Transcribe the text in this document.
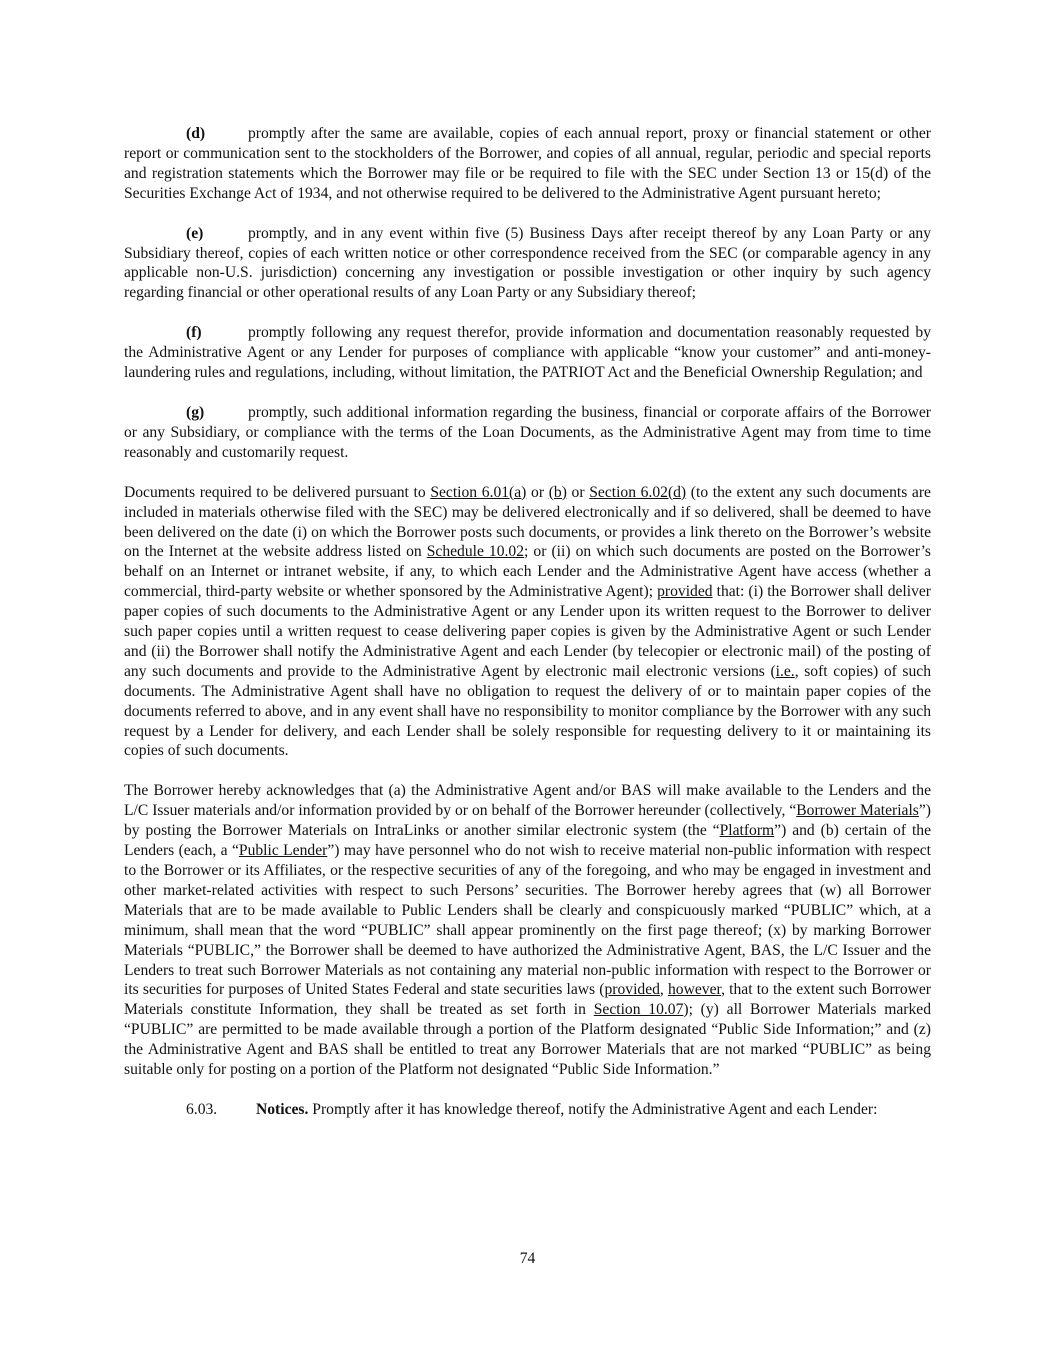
(d)	promptly after the same are available, copies of each annual report, proxy or financial statement or other report or communication sent to the stockholders of the Borrower, and copies of all annual, regular, periodic and special reports and registration statements which the Borrower may file or be required to file with the SEC under Section 13 or 15(d) of the Securities Exchange Act of 1934, and not otherwise required to be delivered to the Administrative Agent pursuant hereto;

(e)	promptly, and in any event within five (5) Business Days after receipt thereof by any Loan Party or any Subsidiary thereof, copies of each written notice or other correspondence received from the SEC (or comparable agency in any applicable non-U.S. jurisdiction) concerning any investigation or possible investigation or other inquiry by such agency regarding financial or other operational results of any Loan Party or any Subsidiary thereof;

(f)	promptly following any request therefor, provide information and documentation reasonably requested by the Administrative Agent or any Lender for purposes of compliance with applicable “know your customer” and anti-money-laundering rules and regulations, including, without limitation, the PATRIOT Act and the Beneficial Ownership Regulation; and

(g)	promptly, such additional information regarding the business, financial or corporate affairs of the Borrower or any Subsidiary, or compliance with the terms of the Loan Documents, as the Administrative Agent may from time to time reasonably and customarily request.

Documents required to be delivered pursuant to Section 6.01(a) or (b) or Section 6.02(d) (to the extent any such documents are included in materials otherwise filed with the SEC) may be delivered electronically and if so delivered, shall be deemed to have been delivered on the date (i) on which the Borrower posts such documents, or provides a link thereto on the Borrower’s website on the Internet at the website address listed on Schedule 10.02; or (ii) on which such documents are posted on the Borrower’s behalf on an Internet or intranet website, if any, to which each Lender and the Administrative Agent have access (whether a commercial, third-party website or whether sponsored by the Administrative Agent); provided that: (i) the Borrower shall deliver paper copies of such documents to the Administrative Agent or any Lender upon its written request to the Borrower to deliver such paper copies until a written request to cease delivering paper copies is given by the Administrative Agent or such Lender and (ii) the Borrower shall notify the Administrative Agent and each Lender (by telecopier or electronic mail) of the posting of any such documents and provide to the Administrative Agent by electronic mail electronic versions (i.e., soft copies) of such documents. The Administrative Agent shall have no obligation to request the delivery of or to maintain paper copies of the documents referred to above, and in any event shall have no responsibility to monitor compliance by the Borrower with any such request by a Lender for delivery, and each Lender shall be solely responsible for requesting delivery to it or maintaining its copies of such documents.

The Borrower hereby acknowledges that (a) the Administrative Agent and/or BAS will make available to the Lenders and the L/C Issuer materials and/or information provided by or on behalf of the Borrower hereunder (collectively, “Borrower Materials”) by posting the Borrower Materials on IntraLinks or another similar electronic system (the “Platform”) and (b) certain of the Lenders (each, a “Public Lender”) may have personnel who do not wish to receive material non-public information with respect to the Borrower or its Affiliates, or the respective securities of any of the foregoing, and who may be engaged in investment and other market-related activities with respect to such Persons’ securities. The Borrower hereby agrees that (w) all Borrower Materials that are to be made available to Public Lenders shall be clearly and conspicuously marked “PUBLIC” which, at a minimum, shall mean that the word “PUBLIC” shall appear prominently on the first page thereof; (x) by marking Borrower Materials “PUBLIC,” the Borrower shall be deemed to have authorized the Administrative Agent, BAS, the L/C Issuer and the Lenders to treat such Borrower Materials as not containing any material non-public information with respect to the Borrower or its securities for purposes of United States Federal and state securities laws (provided, however, that to the extent such Borrower Materials constitute Information, they shall be treated as set forth in Section 10.07); (y) all Borrower Materials marked “PUBLIC” are permitted to be made available through a portion of the Platform designated “Public Side Information;” and (z) the Administrative Agent and BAS shall be entitled to treat any Borrower Materials that are not marked “PUBLIC” as being suitable only for posting on a portion of the Platform not designated “Public Side Information.”

6.03. Notices. Promptly after it has knowledge thereof, notify the Administrative Agent and each Lender:

74
